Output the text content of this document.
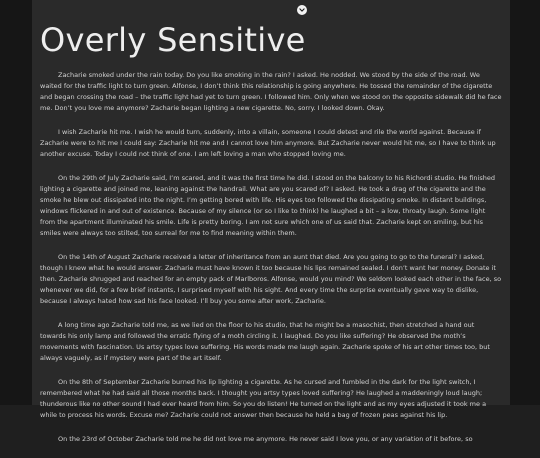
Overly Sensitive

Zacharie smoked under the rain today. Do you like smoking in the rain? I asked. He nodded. We stood by the side of the road. We waited for the traffic light to turn green. Alfonse, I don’t think this relationship is going anywhere. He tossed the remainder of the cigarette and began crossing the road – the traffic light had yet to turn green. I followed him. Only when we stood on the opposite sidewalk did he face me. Don’t you love me anymore? Zacharie began lighting a new cigarette. No, sorry. I looked down. Okay.

I wish Zacharie hit me. I wish he would turn, suddenly, into a villain, someone I could detest and rile the world against. Because if Zacharie were to hit me I could say: Zacharie hit me and I cannot love him anymore. But Zacharie never would hit me, so I have to think up another excuse. Today I could not think of one. I am left loving a man who stopped loving me.

On the 29th of July Zacharie said, I’m scared, and it was the first time he did. I stood on the balcony to his Richordi studio. He finished lighting a cigarette and joined me, leaning against the handrail. What are you scared of? I asked. He took a drag of the cigarette and the smoke he blew out dissipated into the night. I’m getting bored with life. His eyes too followed the dissipating smoke. In distant buildings, windows flickered in and out of existence. Because of my silence (or so I like to think) he laughed a bit – a low, throaty laugh. Some light from the apartment illuminated his smile. Life is pretty boring. I am not sure which one of us said that. Zacharie kept on smiling, but his smiles were always too stilted, too surreal for me to find meaning within them.

On the 14th of August Zacharie received a letter of inheritance from an aunt that died. Are you going to go to the funeral? I asked, though I knew what he would answer. Zacharie must have known it too because his lips remained sealed. I don’t want her money. Donate it then. Zacharie shrugged and reached for an empty pack of Marlboros. Alfonse, would you mind? We seldom looked each other in the face, so whenever we did, for a few brief instants, I surprised myself with his sight. And every time the surprise eventually gave way to dislike, because I always hated how sad his face looked. I’ll buy you some after work, Zacharie.

A long time ago Zacharie told me, as we lied on the floor to his studio, that he might be a masochist, then stretched a hand out towards his only lamp and followed the erratic flying of a moth circling it. I laughed. Do you like suffering? He observed the moth’s movements with fascination. Us artsy types love suffering. His words made me laugh again. Zacharie spoke of his art other times too, but always vaguely, as if mystery were part of the art itself.

On the 8th of September Zacharie burned his lip lighting a cigarette. As he cursed and fumbled in the dark for the light switch, I remembered what he had said all those months back. I thought you artsy types loved suffering? He laughed a maddeningly loud laugh; thunderous like no other sound I had ever heard from him. So you do listen! He turned on the light and as my eyes adjusted it took me a while to process his words. Excuse me? Zacharie could not answer then because he held a bag of frozen peas against his lip.

On the 23rd of October Zacharie told me he did not love me anymore. He never said I love you, or any variation of it before, so
